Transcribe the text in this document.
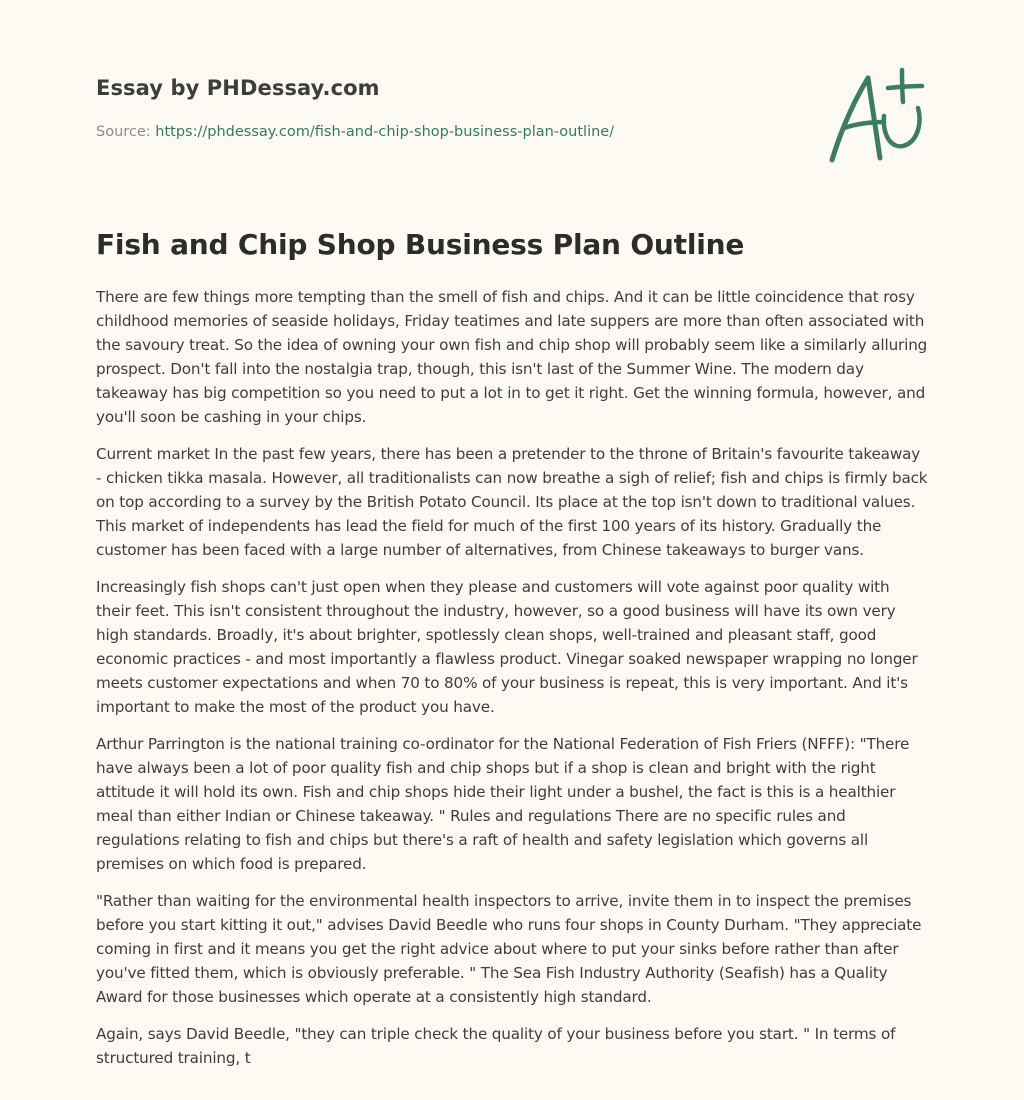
Essay by PHDessay.com
Source: https://phdessay.com/fish-and-chip-shop-business-plan-outline/
Fish and Chip Shop Business Plan Outline

There are few things more tempting than the smell of fish and chips. And it can be little coincidence that rosy childhood memories of seaside holidays, Friday teatimes and late suppers are more than often associated with the savoury treat. So the idea of owning your own fish and chip shop will probably seem like a similarly alluring prospect. Don't fall into the nostalgia trap, though, this isn't last of the Summer Wine. The modern day takeaway has big competition so you need to put a lot in to get it right. Get the winning formula, however, and you'll soon be cashing in your chips.

Current market In the past few years, there has been a pretender to the throne of Britain's favourite takeaway - chicken tikka masala. However, all traditionalists can now breathe a sigh of relief; fish and chips is firmly back on top according to a survey by the British Potato Council. Its place at the top isn't down to traditional values. This market of independents has lead the field for much of the first 100 years of its history. Gradually the customer has been faced with a large number of alternatives, from Chinese takeaways to burger vans.

Increasingly fish shops can't just open when they please and customers will vote against poor quality with their feet. This isn't consistent throughout the industry, however, so a good business will have its own very high standards. Broadly, it's about brighter, spotlessly clean shops, well-trained and pleasant staff, good economic practices - and most importantly a flawless product. Vinegar soaked newspaper wrapping no longer meets customer expectations and when 70 to 80% of your business is repeat, this is very important. And it's important to make the most of the product you have.

Arthur Parrington is the national training co-ordinator for the National Federation of Fish Friers (NFFF): "There have always been a lot of poor quality fish and chip shops but if a shop is clean and bright with the right attitude it will hold its own. Fish and chip shops hide their light under a bushel, the fact is this is a healthier meal than either Indian or Chinese takeaway. " Rules and regulations There are no specific rules and regulations relating to fish and chips but there's a raft of health and safety legislation which governs all premises on which food is prepared.

"Rather than waiting for the environmental health inspectors to arrive, invite them in to inspect the premises before you start kitting it out," advises David Beedle who runs four shops in County Durham. "They appreciate coming in first and it means you get the right advice about where to put your sinks before rather than after you've fitted them, which is obviously preferable. " The Sea Fish Industry Authority (Seafish) has a Quality Award for those businesses which operate at a consistently high standard.

Again, says David Beedle, "they can triple check the quality of your business before you start. " In terms of structured training, t
